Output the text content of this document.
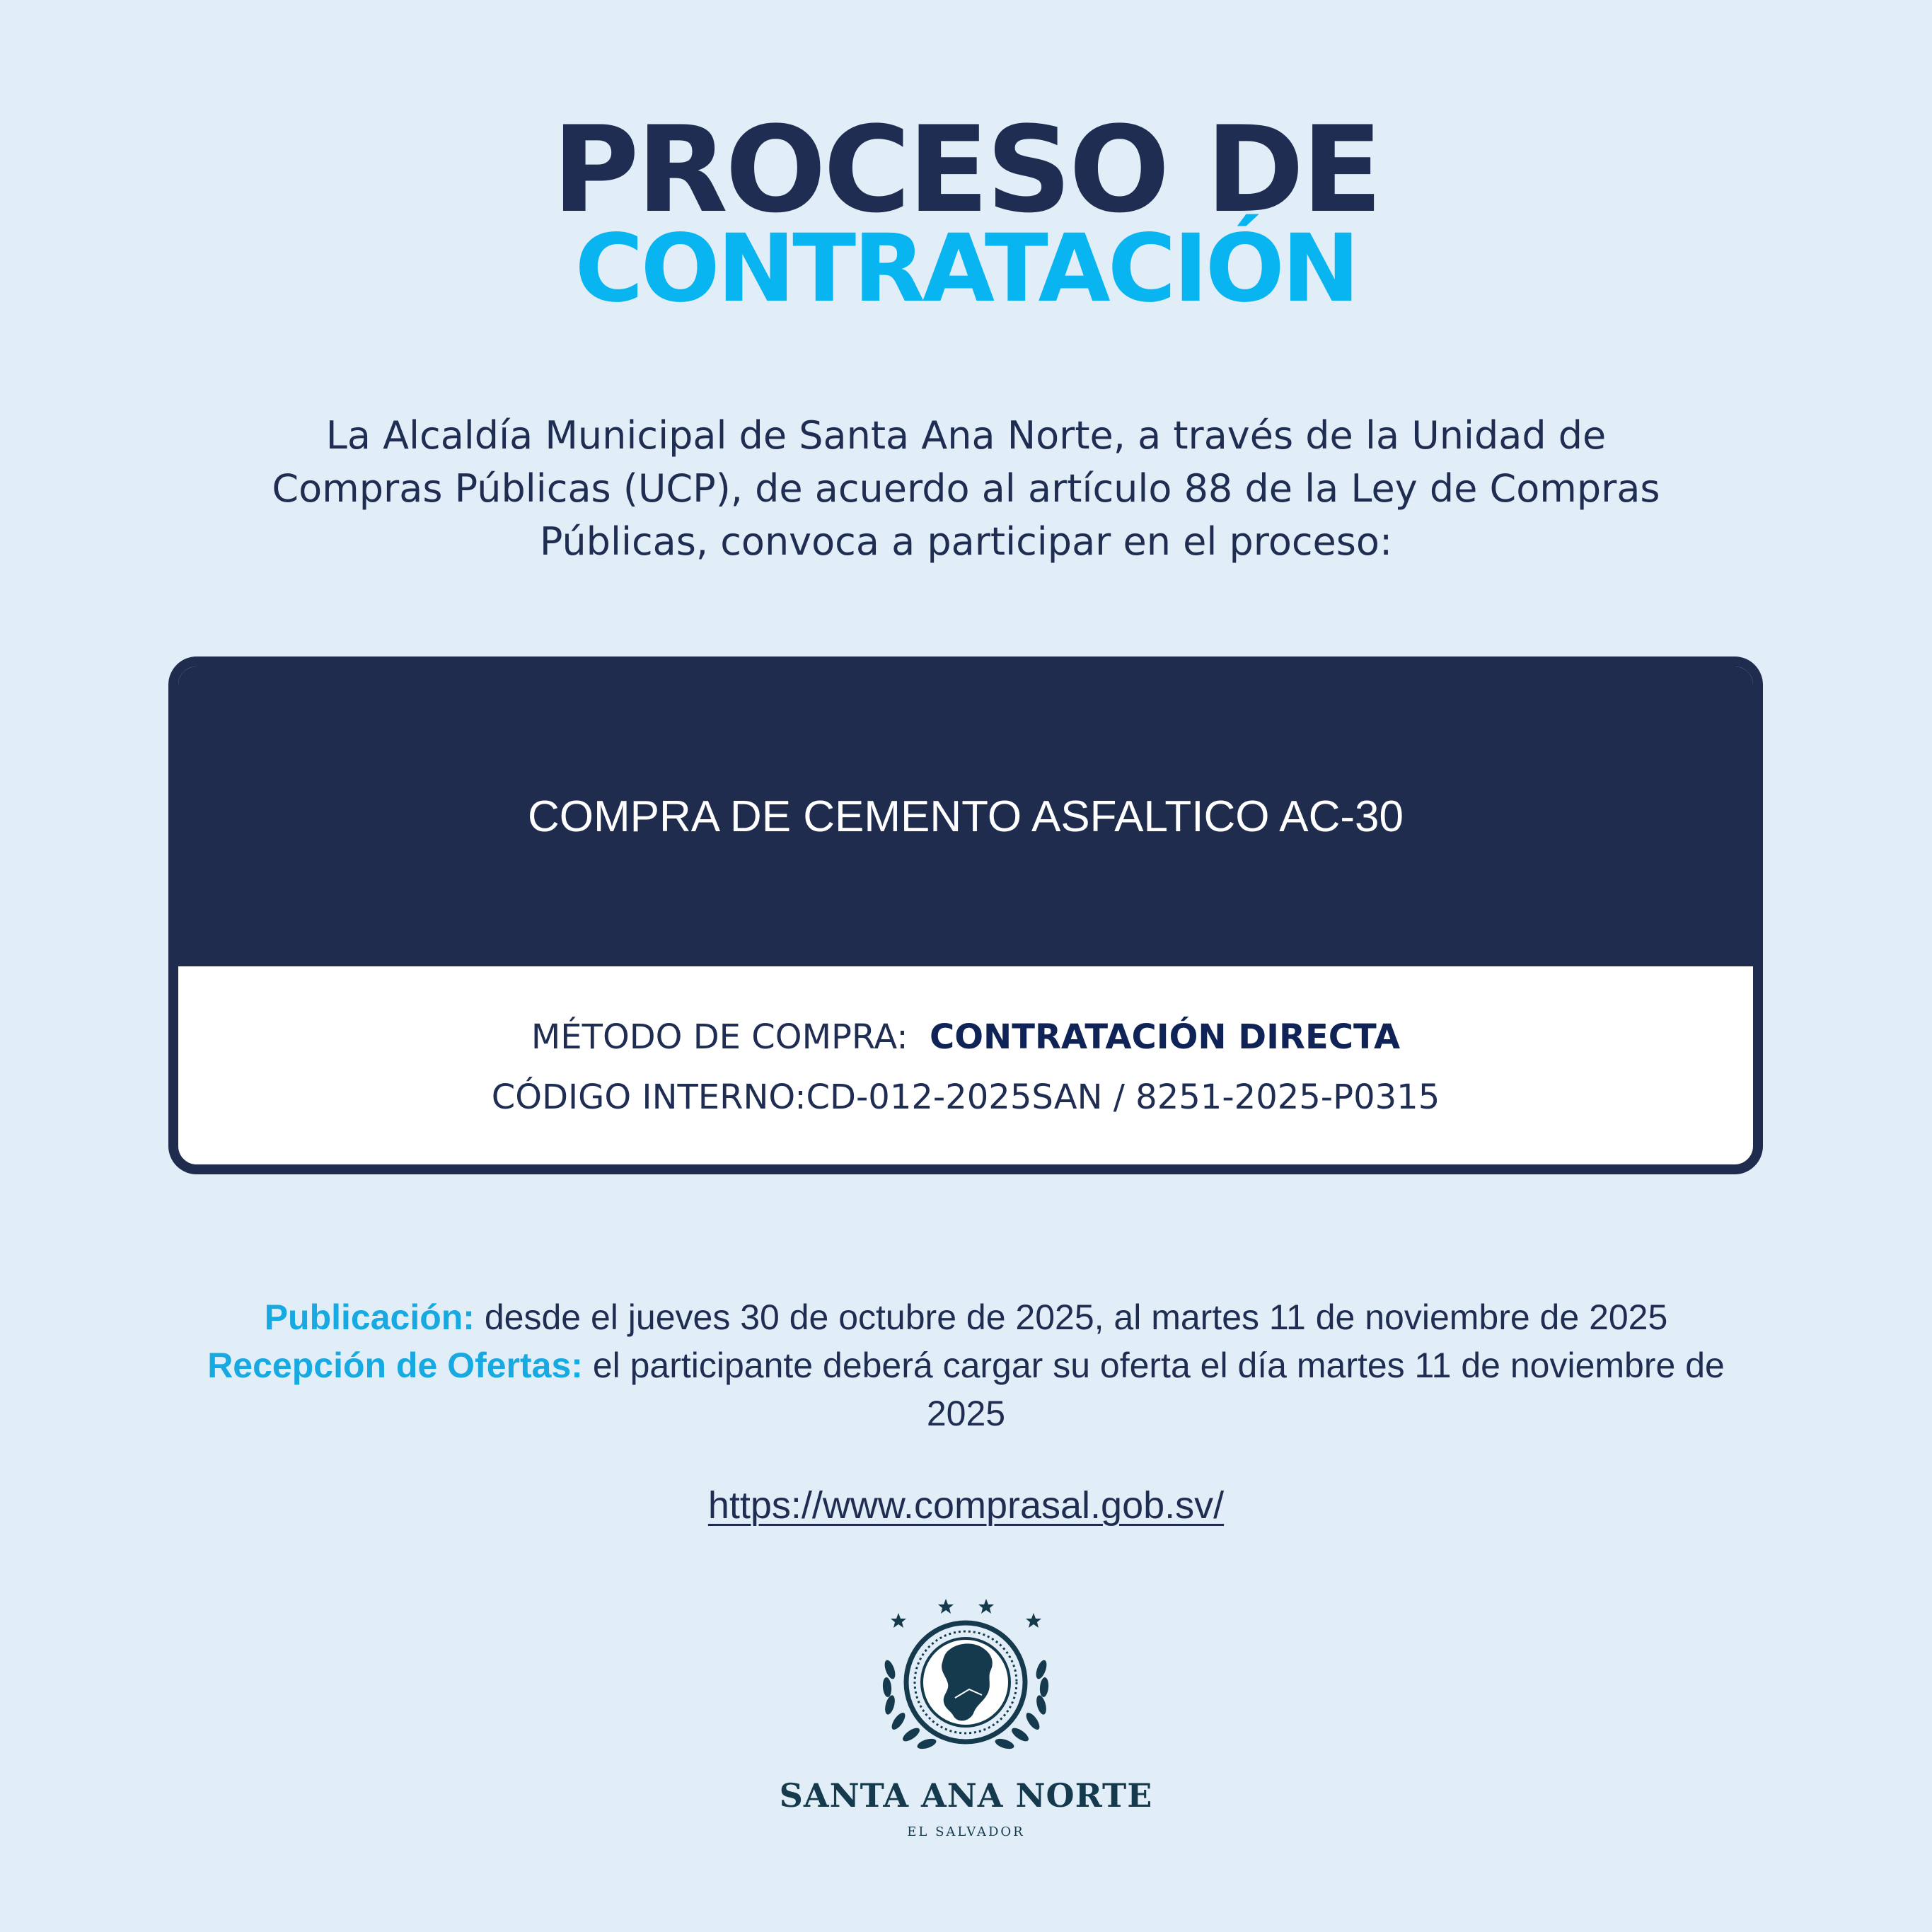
PROCESO DE
CONTRATACIÓN

La Alcaldía Municipal de Santa Ana Norte, a través de la Unidad de Compras Públicas (UCP), de acuerdo al artículo 88 de la Ley de Compras Públicas, convoca a participar en el proceso:

COMPRA DE CEMENTO ASFALTICO AC-30
MÉTODO DE COMPRA: CONTRATACIÓN DIRECTA
CÓDIGO INTERNO:CD-012-2025SAN / 8251-2025-P0315

Publicación: desde el jueves 30 de octubre de 2025, al martes 11 de noviembre de 2025
Recepción de Ofertas: el participante deberá cargar su oferta el día martes 11 de noviembre de 2025

https://www.comprasal.gob.sv/
SANTA ANA NORTE
EL SALVADOR
